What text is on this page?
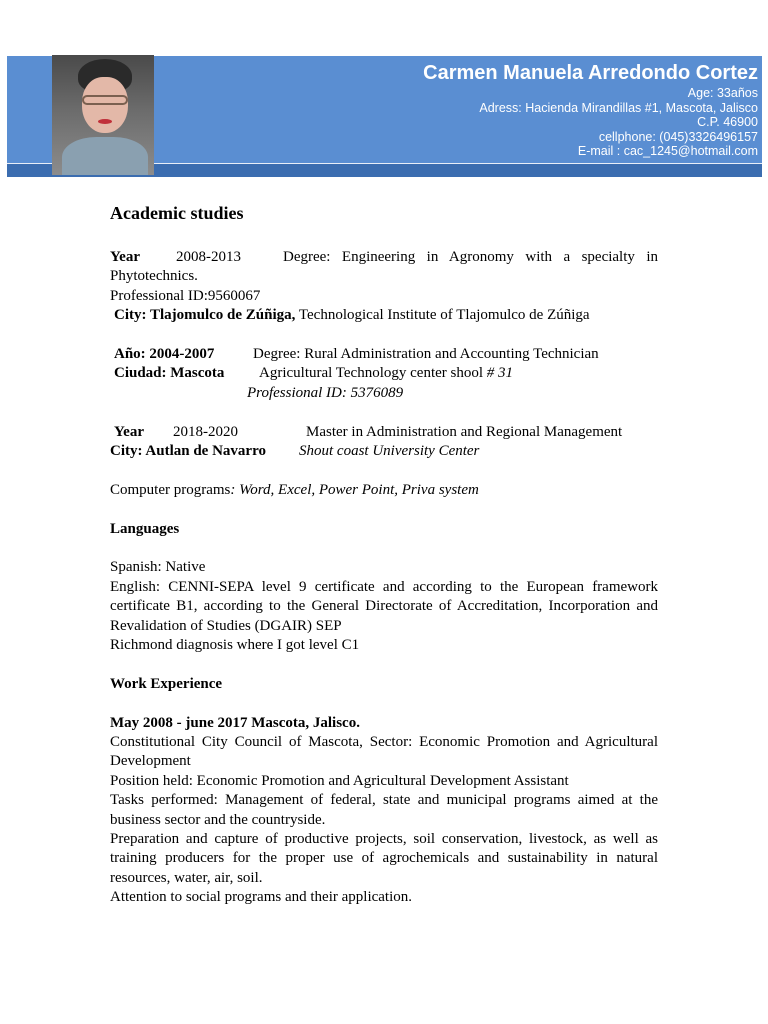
Carmen Manuela Arredondo Cortez
Age: 33años
Adress: Hacienda Mirandillas #1, Mascota, Jalisco
C.P. 46900
cellphone: (045)3326496157
E-mail : cac_1245@hotmail.com

Academic studies

Year 2008-2013	Degree: Engineering in Agronomy with a specialty in Phytotechnics.

Professional ID:9560067

City: Tlajomulco de Zúñiga, Technological Institute of Tlajomulco de Zúñiga

Año: 2004-2007	Degree: Rural Administration and Accounting Technician

Ciudad: Mascota	Agricultural Technology center shool
# 31

Professional ID: 5376089

Year	2018-2020	Master in Administration and Regional Management

City: Autlan de Navarro	Shout coast University Center

Computer programs: Word, Excel, Power Point, Priva system

Languages

Spanish: Native

English: CENNI-SEPA level 9 certificate and according to the European framework certificate B1, according to the General Directorate of Accreditation, Incorporation and Revalidation of Studies (DGAIR) SEP

Richmond diagnosis where I got level C1

Work Experience

May 2008 - june 2017 Mascota, Jalisco.

Constitutional City Council of Mascota, Sector: Economic Promotion and Agricultural Development

Position held: Economic Promotion and Agricultural Development Assistant

Tasks performed: Management of federal, state and municipal programs aimed at the business sector and the countryside.

Preparation and capture of productive projects, soil conservation, livestock, as well as training producers for the proper use of agrochemicals and sustainability in natural resources, water, air, soil.

Attention to social programs and their application.
